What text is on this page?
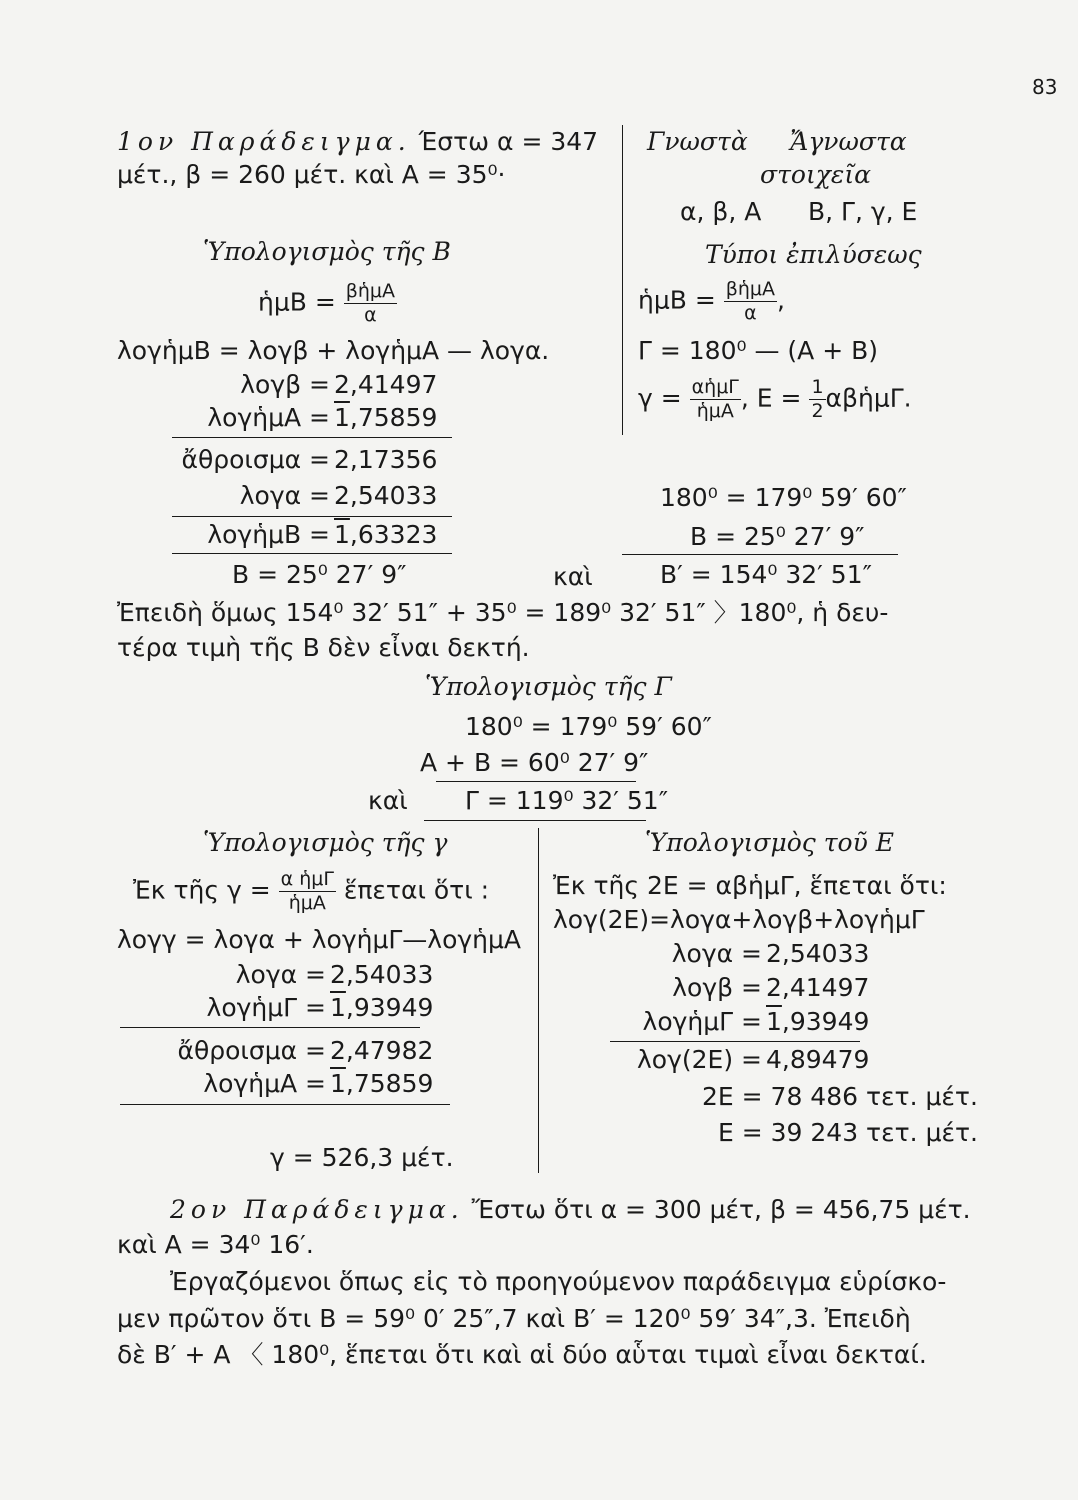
83
1ον Παράδειγμα. Έστω α = 347
μέτ., β = 260 μέτ. καὶ Α = 35⁰·
Γνωστὰ Ἄγνωστα
στοιχεῖα
α, β, Α Β, Γ, γ, Ε
Τύποι ἐπιλύσεως
ἡμΒ = $\frac{\text{βἡμΑ}}{\alpha}$ ,
Γ = 180⁰ — (Α + Β)
$\gamma = \frac{\text{αἡμΓ}}{\text{ἡμΑ}}$ , $E = \frac{1}{2}$ αβἡμΓ.
Ὑπολογισμὸς τῆς Β
ἡμΒ = $\frac{\text{βἡμΑ}}{\alpha}$
λογἡμΒ = λογβ + λογἡμΑ — λογα.
λογβ = 2,41497
λογἡμΑ = 1,75859
ἄθροισμα = 2,17356
λογα = 2,54033
λογἡμΒ = 1,63323
Β = 25⁰ 27′ 9″	καὶ
180⁰ = 179⁰ 59′ 60″
Β = 25⁰ 27′ 9″
Β′ = 154⁰ 32′ 51″
Ἐπειδὴ ὅμως 154⁰ 32′ 51″ + 35⁰ = 189⁰ 32′ 51″ 〉180⁰, ἡ δευ-
τέρα τιμὴ τῆς Β δὲν εἶναι δεκτή.
Ὑπολογισμὸς τῆς Γ
180⁰ = 179⁰ 59′ 60″
Α + Β = 60⁰ 27′ 9″
καὶ Γ = 119⁰ 32′ 51″
Ὑπολογισμὸς τῆς γ
Ἐκ τῆς $\gamma = \frac{\text{α ἡμΓ}}{\text{ἡμΑ}}$ ἕπεται ὅτι :
λογγ = λογα + λογἡμΓ—λογἡμΑ
λογα = 2,54033
λογἡμΓ = 1,93949
ἄθροισμα = 2,47982
λογἡμΑ = 1,75859
γ = 526,3 μέτ.
Ὑπολογισμὸς τοῦ Ε
Ἐκ τῆς 2Ε = αβἡμΓ, ἕπεται ὅτι:
λογ(2Ε)=λογα+λογβ+λογἡμΓ
λογα = 2,54033
λογβ = 2,41497
λογἡμΓ = 1,93949
λογ(2Ε) = 4,89479
2Ε = 78 486 τετ. μέτ.
Ε = 39 243 τετ. μέτ.
2ον Παράδειγμα. Ἔστω ὅτι α = 300 μέτ, β = 456,75 μέτ.
καὶ Α = 34⁰ 16′.
Ἐργαζόμενοι ὅπως εἰς τὸ προηγούμενον παράδειγμα εὑρίσκο-
μεν πρῶτον ὅτι Β = 59⁰ 0′ 25″,7 καὶ Β′ = 120⁰ 59′ 34″,3. Ἐπειδὴ
δὲ Β′ + Α 〈 180⁰, ἕπεται ὅτι καὶ αἱ δύο αὗται τιμαὶ εἶναι δεκταί.
